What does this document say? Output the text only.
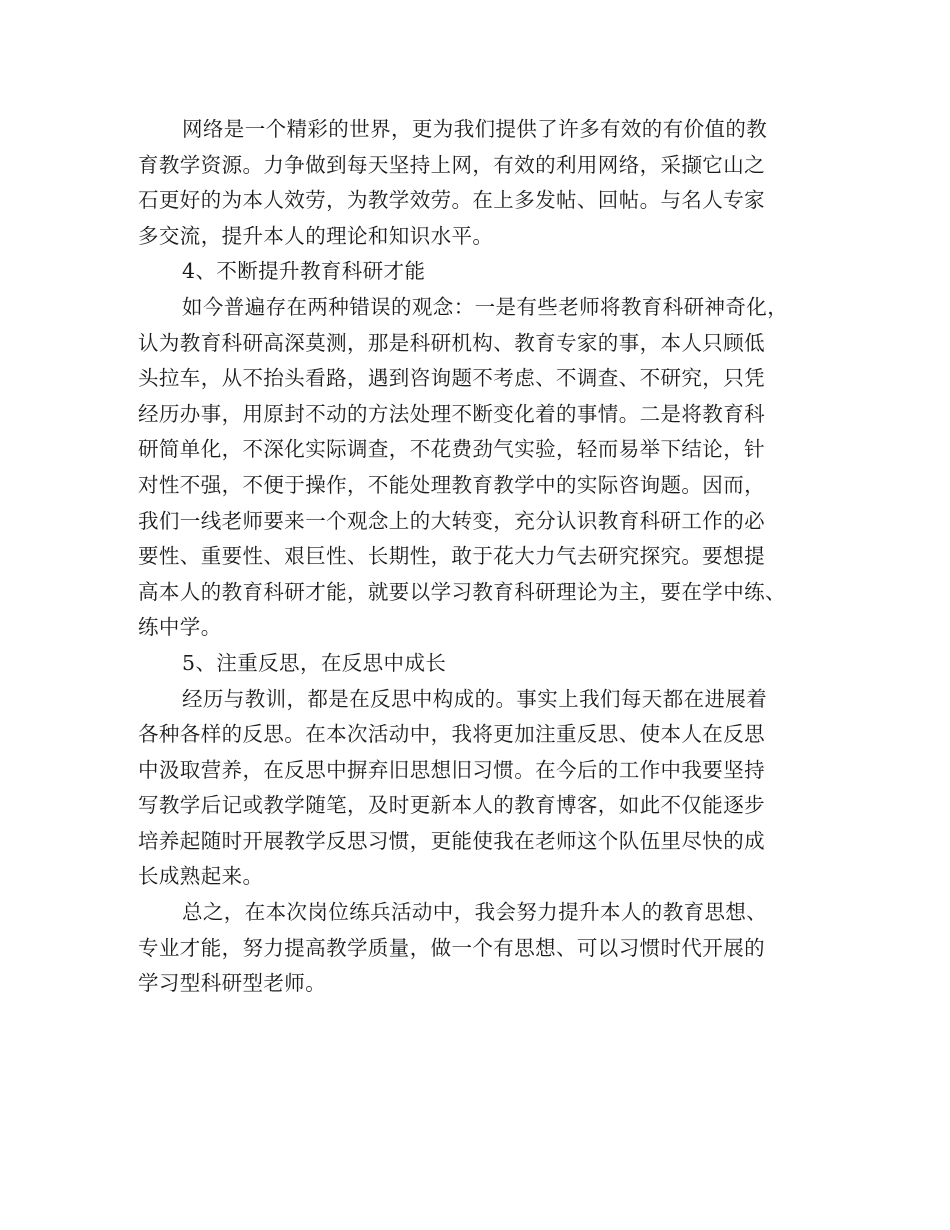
网络是一个精彩的世界，更为我们提供了许多有效的有价值的教
育教学资源。力争做到每天坚持上网，有效的利用网络，采撷它山之
石更好的为本人效劳，为教学效劳。在上多发帖、回帖。与名人专家
多交流，提升本人的理论和知识水平。
4、不断提升教育科研才能
如今普遍存在两种错误的观念：一是有些老师将教育科研神奇化，
认为教育科研高深莫测，那是科研机构、教育专家的事，本人只顾低
头拉车，从不抬头看路，遇到咨询题不考虑、不调查、不研究，只凭
经历办事，用原封不动的方法处理不断变化着的事情。二是将教育科
研简单化，不深化实际调查，不花费劲气实验，轻而易举下结论，针
对性不强，不便于操作，不能处理教育教学中的实际咨询题。因而，
我们一线老师要来一个观念上的大转变，充分认识教育科研工作的必
要性、重要性、艰巨性、长期性，敢于花大力气去研究探究。要想提
高本人的教育科研才能，就要以学习教育科研理论为主，要在学中练、
练中学。
5、注重反思，在反思中成长
经历与教训，都是在反思中构成的。事实上我们每天都在进展着
各种各样的反思。在本次活动中，我将更加注重反思、使本人在反思
中汲取营养，在反思中摒弃旧思想旧习惯。在今后的工作中我要坚持
写教学后记或教学随笔，及时更新本人的教育博客，如此不仅能逐步
培养起随时开展教学反思习惯，更能使我在老师这个队伍里尽快的成
长成熟起来。
总之，在本次岗位练兵活动中，我会努力提升本人的教育思想、
专业才能，努力提高教学质量，做一个有思想、可以习惯时代开展的
学习型科研型老师。
